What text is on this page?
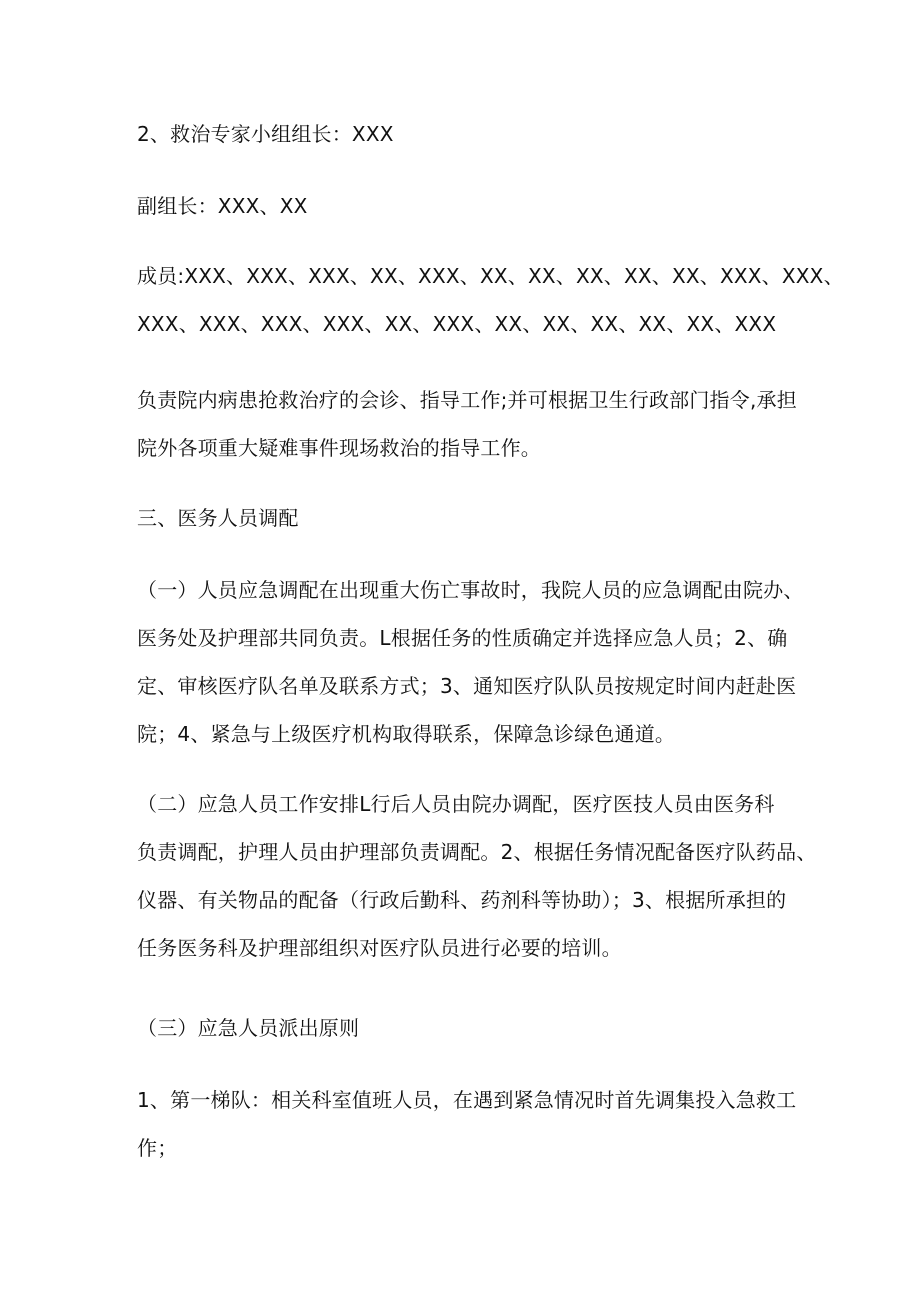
2、救治专家小组组长：XXX

副组长：XXX、XX

成员:XXX、XXX、XXX、XX、XXX、XX、XX、XX、XX、XX、XXX、XXX、
XXX、XXX、XXX、XXX、XX、XXX、XX、XX、XX、XX、XX、XXX

负责院内病患抢救治疗的会诊、指导工作;并可根据卫生行政部门指令,承担
院外各项重大疑难事件现场救治的指导工作。

三、医务人员调配

（一）人员应急调配在出现重大伤亡事故时，我院人员的应急调配由院办、
医务处及护理部共同负责。L根据任务的性质确定并选择应急人员；2、确
定、审核医疗队名单及联系方式；3、通知医疗队队员按规定时间内赶赴医
院；4、紧急与上级医疗机构取得联系，保障急诊绿色通道。

（二）应急人员工作安排L行后人员由院办调配，医疗医技人员由医务科
负责调配，护理人员由护理部负责调配。2、根据任务情况配备医疗队药品、
仪器、有关物品的配备（行政后勤科、药剂科等协助）；3、根据所承担的
任务医务科及护理部组织对医疗队员进行必要的培训。

（三）应急人员派出原则

1、第一梯队：相关科室值班人员，在遇到紧急情况时首先调集投入急救工
作；
